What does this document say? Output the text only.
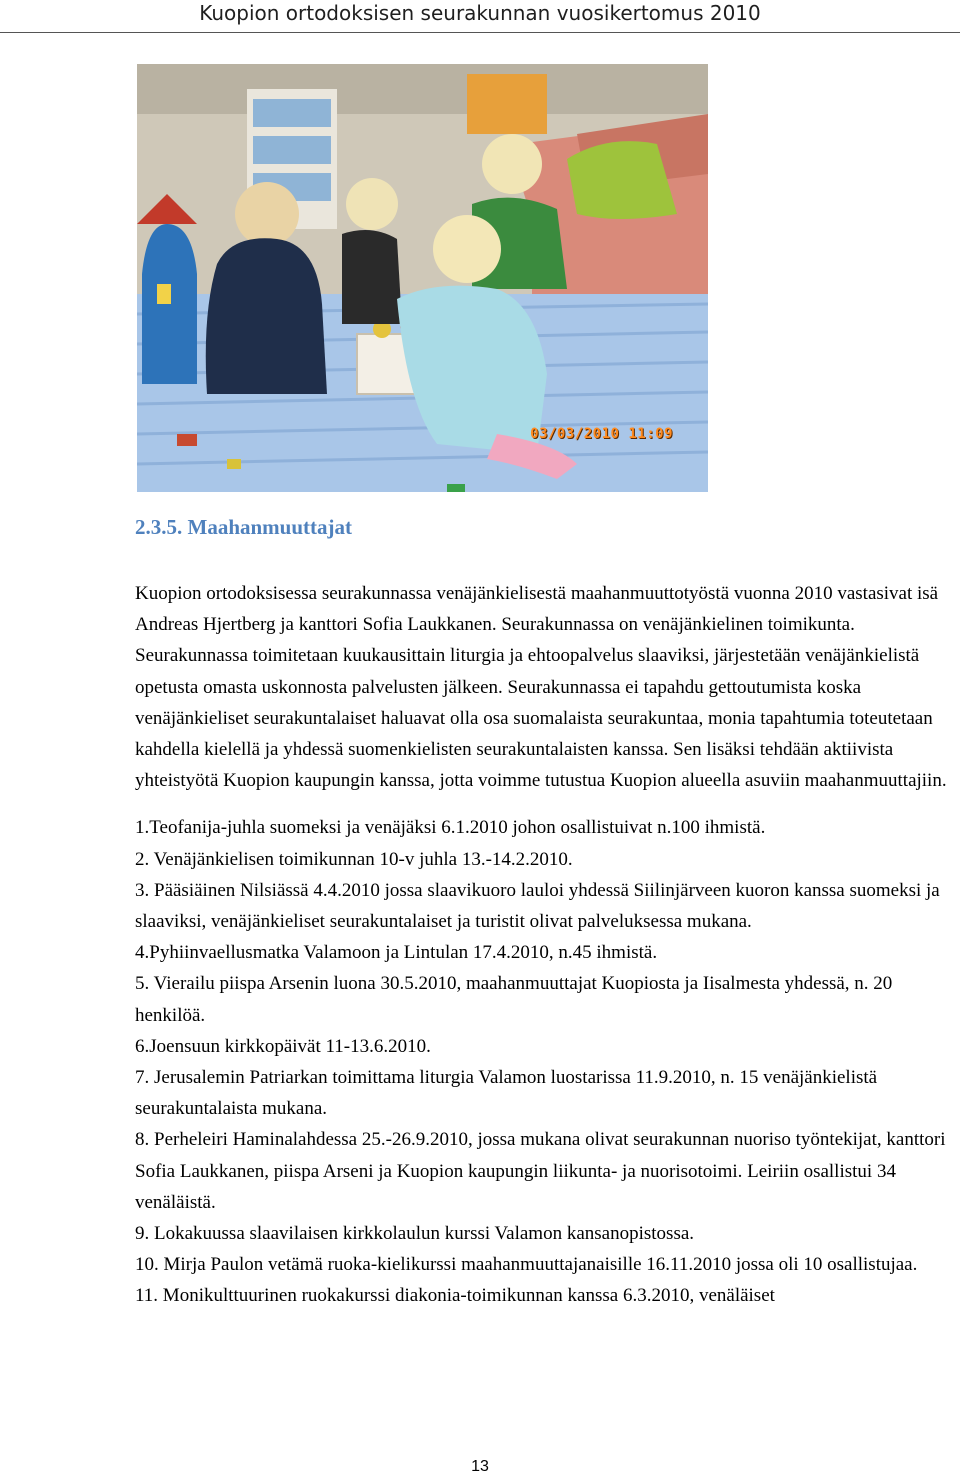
Kuopion ortodoksisen seurakunnan vuosikertomus 2010
03/03/2010 11:09
2.3.5. Maahanmuuttajat

Kuopion ortodoksisessa seurakunnassa venäjänkielisestä maahanmuuttotyöstä vuonna 2010 vastasivat isä Andreas Hjertberg ja kanttori Sofia Laukkanen. Seurakunnassa on venäjänkielinen toimikunta. Seurakunnassa toimitetaan kuukausittain liturgia ja ehtoopalvelus slaaviksi, järjestetään venäjänkielistä opetusta omasta uskonnosta palvelusten jälkeen. Seurakunnassa ei tapahdu gettoutumista koska venäjänkieliset seurakuntalaiset haluavat olla osa suomalaista seurakuntaa, monia tapahtumia toteutetaan kahdella kielellä ja yhdessä suomenkielisten seurakuntalaisten kanssa. Sen lisäksi tehdään aktiivista yhteistyötä Kuopion kaupungin kanssa, jotta voimme tutustua Kuopion alueella asuviin maahanmuuttajiin.

1.Teofanija-juhla suomeksi ja venäjäksi 6.1.2010 johon osallistuivat n.100 ihmistä.
2. Venäjänkielisen toimikunnan 10-v juhla 13.-14.2.2010.
3. Pääsiäinen Nilsiässä 4.4.2010 jossa slaavikuoro lauloi yhdessä Siilinjärveen kuoron kanssa suomeksi ja slaaviksi, venäjänkieliset seurakuntalaiset ja turistit olivat palveluksessa mukana.
4.Pyhiinvaellusmatka Valamoon ja Lintulan 17.4.2010, n.45 ihmistä.
5. Vierailu piispa Arsenin luona 30.5.2010, maahanmuuttajat Kuopiosta ja Iisalmesta yhdessä, n. 20 henkilöä.
6.Joensuun kirkkopäivät 11-13.6.2010.
7. Jerusalemin Patriarkan toimittama liturgia Valamon luostarissa 11.9.2010, n. 15 venäjänkielistä seurakuntalaista mukana.
8. Perheleiri Haminalahdessa 25.-26.9.2010, jossa mukana olivat seurakunnan nuoriso työntekijat, kanttori Sofia Laukkanen, piispa Arseni ja Kuopion kaupungin liikunta- ja nuorisotoimi. Leiriin osallistui 34 venäläistä.
9. Lokakuussa slaavilaisen kirkkolaulun kurssi Valamon kansanopistossa.
10. Mirja Paulon vetämä ruoka-kielikurssi maahanmuuttajanaisille 16.11.2010 jossa oli 10 osallistujaa.
11. Monikulttuurinen ruokakurssi diakonia-toimikunnan kanssa 6.3.2010, venäläiset
13
